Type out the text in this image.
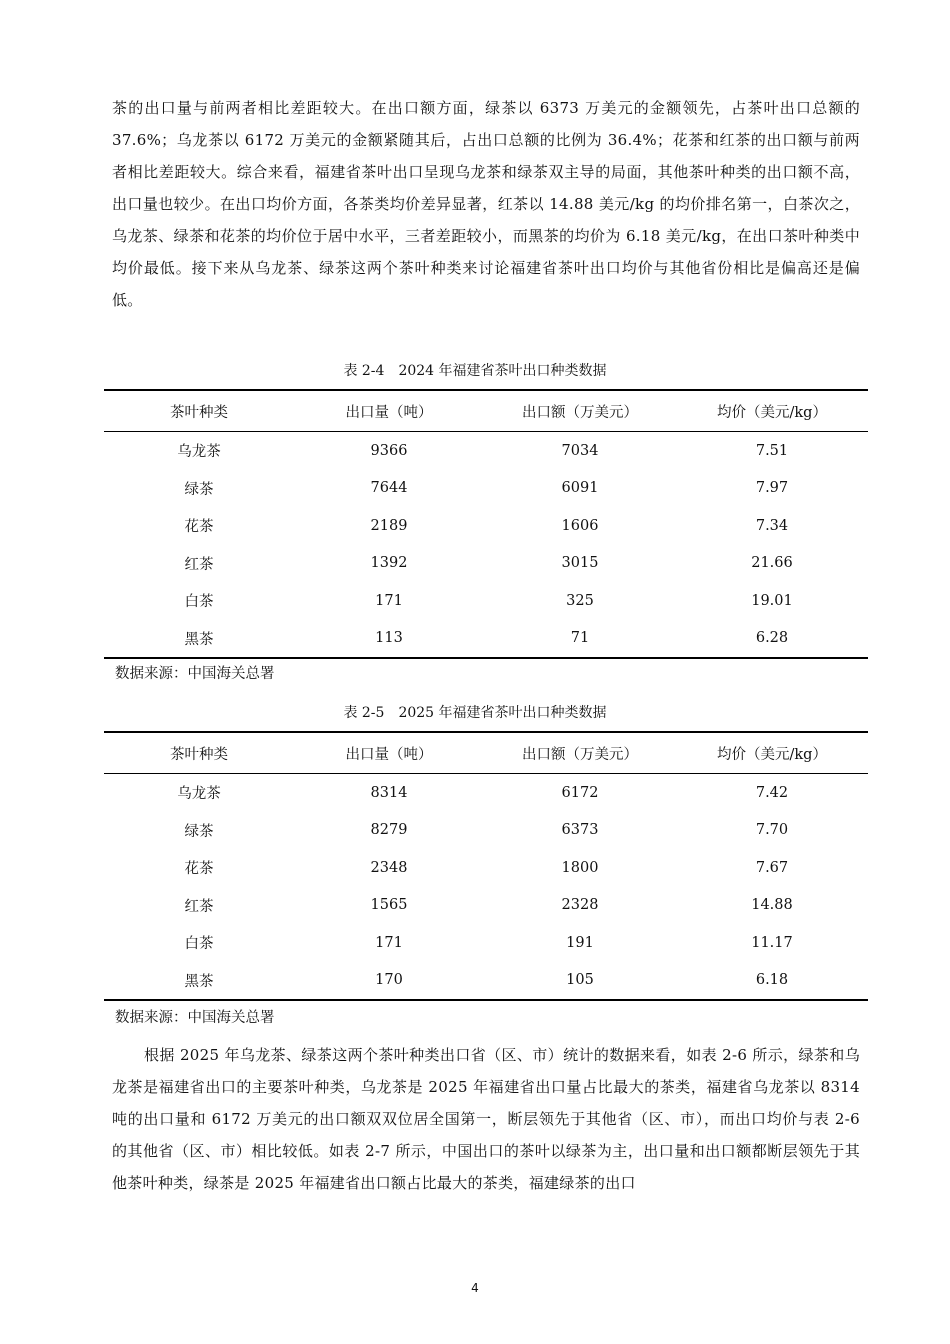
茶的出口量与前两者相比差距较大。在出口额方面，绿茶以 6373 万美元的金额领先，占茶叶出口总额的 37.6%；乌龙茶以 6172 万美元的金额紧随其后，占出口总额的比例为 36.4%；花茶和红茶的出口额与前两者相比差距较大。综合来看，福建省茶叶出口呈现乌龙茶和绿茶双主导的局面，其他茶叶种类的出口额不高，出口量也较少。在出口均价方面，各茶类均价差异显著，红茶以 14.88 美元/kg 的均价排名第一，白茶次之，乌龙茶、绿茶和花茶的均价位于居中水平，三者差距较小，而黑茶的均价为 6.18 美元/kg，在出口茶叶种类中均价最低。接下来从乌龙茶、绿茶这两个茶叶种类来讨论福建省茶叶出口均价与其他省份相比是偏高还是偏低。

表 2-4　2024 年福建省茶叶出口种类数据
茶叶种类	出口量（吨）	出口额（万美元）	均价（美元/kg）
乌龙茶	9366	7034	7.51
绿茶	7644	6091	7.97
花茶	2189	1606	7.34
红茶	1392	3015	21.66
白茶	171	325	19.01
黑茶	113	71	6.28
数据来源：中国海关总署
表 2-5　2025 年福建省茶叶出口种类数据
茶叶种类	出口量（吨）	出口额（万美元）	均价（美元/kg）
乌龙茶	8314	6172	7.42
绿茶	8279	6373	7.70
花茶	2348	1800	7.67
红茶	1565	2328	14.88
白茶	171	191	11.17
黑茶	170	105	6.18
数据来源：中国海关总署

根据 2025 年乌龙茶、绿茶这两个茶叶种类出口省（区、市）统计的数据来看，如表 2-6 所示，绿茶和乌龙茶是福建省出口的主要茶叶种类，乌龙茶是 2025 年福建省出口量占比最大的茶类，福建省乌龙茶以 8314 吨的出口量和 6172 万美元的出口额双双位居全国第一，断层领先于其他省（区、市），而出口均价与表 2-6 的其他省（区、市）相比较低。如表 2-7 所示，中国出口的茶叶以绿茶为主，出口量和出口额都断层领先于其他茶叶种类，绿茶是 2025 年福建省出口额占比最大的茶类，福建绿茶的出口

4
